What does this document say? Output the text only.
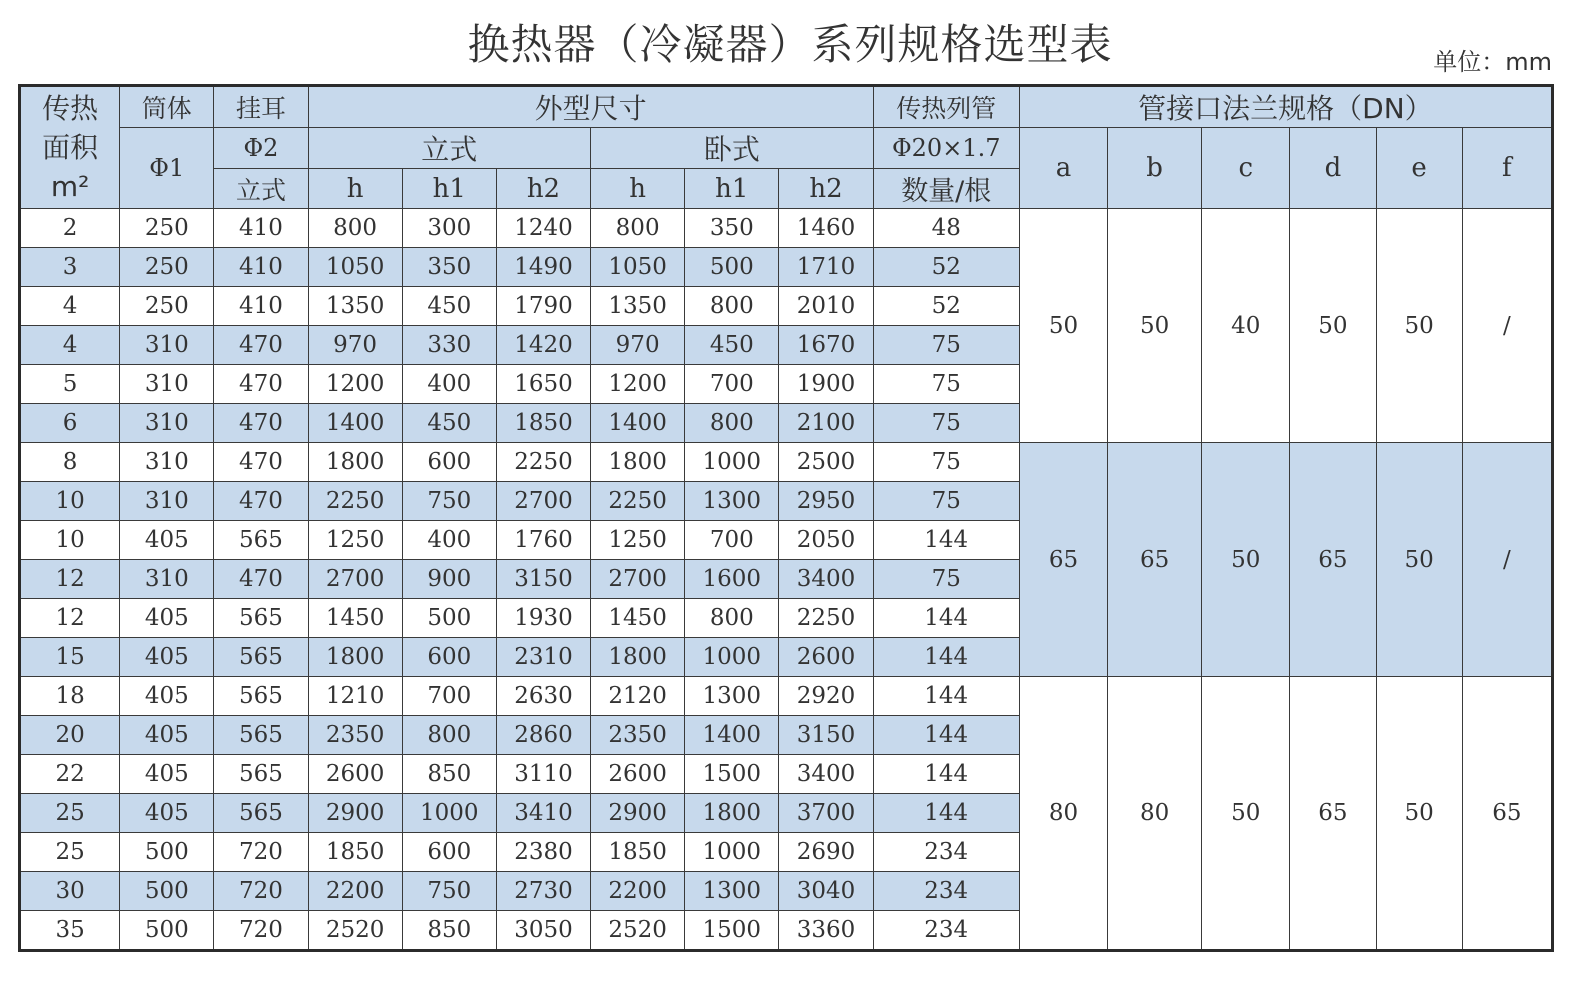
换热器（冷凝器）系列规格选型表	单位：mm
传热
面积
m²	筒体	挂耳	外型尺寸						传热列管	管接口法兰规格（DN）					
	Φ1	Φ2	立式			卧式			Φ20×1.7	a	b	c	d	e	f
		立式	h	h1	h2	h	h1	h2	数量/根						
2	250	410	800	300	1240	800	350	1460	48	50	50	40	50	50	/
3	250	410	1050	350	1490	1050	500	1710	52						
4	250	410	1350	450	1790	1350	800	2010	52						
4	310	470	970	330	1420	970	450	1670	75						
5	310	470	1200	400	1650	1200	700	1900	75						
6	310	470	1400	450	1850	1400	800	2100	75						
8	310	470	1800	600	2250	1800	1000	2500	75	65	65	50	65	50	/
10	310	470	2250	750	2700	2250	1300	2950	75						
10	405	565	1250	400	1760	1250	700	2050	144						
12	310	470	2700	900	3150	2700	1600	3400	75						
12	405	565	1450	500	1930	1450	800	2250	144						
15	405	565	1800	600	2310	1800	1000	2600	144						
18	405	565	1210	700	2630	2120	1300	2920	144	80	80	50	65	50	65
20	405	565	2350	800	2860	2350	1400	3150	144						
22	405	565	2600	850	3110	2600	1500	3400	144						
25	405	565	2900	1000	3410	2900	1800	3700	144						
25	500	720	1850	600	2380	1850	1000	2690	234						
30	500	720	2200	750	2730	2200	1300	3040	234						
35	500	720	2520	850	3050	2520	1500	3360	234						
